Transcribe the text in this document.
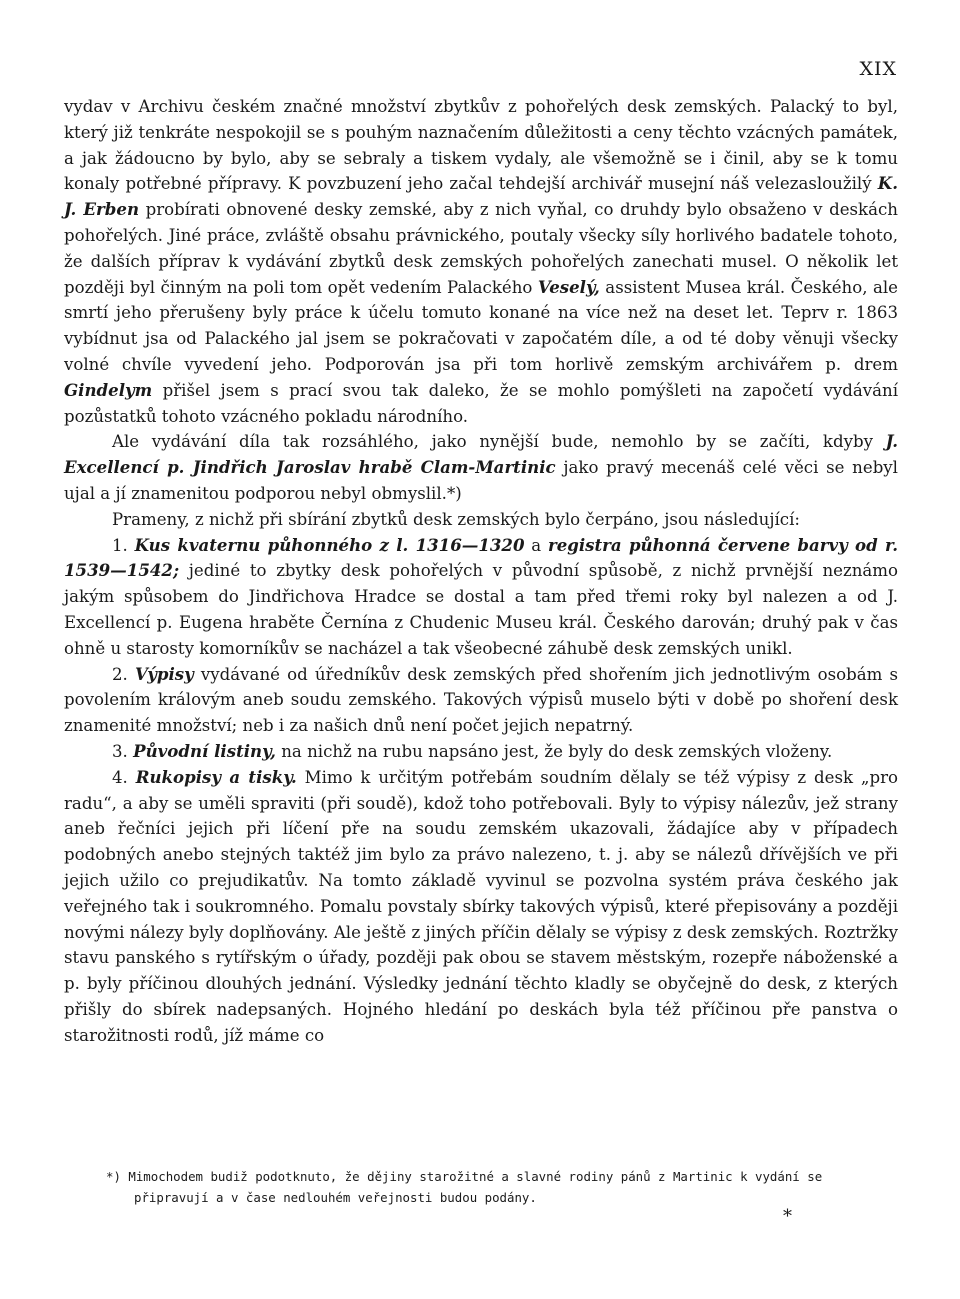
XIX

vydav v Archivu českém značné množství zbytkův z pohořelých desk zemských. Palacký to byl, který již tenkráte nespokojil se s pouhým naznačením důležitosti a ceny těchto vzácných památek, a jak žádoucno by bylo, aby se sebraly a tiskem vydaly, ale všemožně se i činil, aby se k tomu konaly potřebné přípravy. K povzbuzení jeho začal tehdejší archivář musejní náš velezasloužilý K. J. Erben probírati obnovené desky zemské, aby z nich vyňal, co druhdy bylo obsaženo v deskách pohořelých. Jiné práce, zvláště obsahu právnického, poutaly všecky síly horlivého badatele tohoto, že dalších příprav k vydávání zbytků desk zemských pohořelých zanechati musel. O několik let později byl činným na poli tom opět vedením Palackého Veselý, assistent Musea král. Českého, ale smrtí jeho přerušeny byly práce k účelu tomuto konané na více než na deset let. Teprv r. 1863 vybídnut jsa od Palackého jal jsem se pokračovati v započatém díle, a od té doby věnuji všecky volné chvíle vyvedení jeho. Podporován jsa při tom horlivě zemským archivářem p. drem Gindelym přišel jsem s prací svou tak daleko, že se mohlo pomýšleti na započetí vydávání pozůstatků tohoto vzácného pokladu národního.

Ale vydávání díla tak rozsáhlého, jako nynější bude, nemohlo by se začíti, kdyby J. Excellencí p. Jindřich Jaroslav hrabě Clam-Martinic jako pravý mecenáš celé věci se nebyl ujal a jí znamenitou podporou nebyl obmyslil.*)

Prameny, z nichž při sbírání zbytků desk zemských bylo čerpáno, jsou následující:

1. Kus kvaternu půhonného z l. 1316—1320 a registra půhonná červene barvy od r. 1539—1542; jediné to zbytky desk pohořelých v původní spůsobě, z nichž prvnější neznámo jakým spůsobem do Jindřichova Hradce se dostal a tam před třemi roky byl nalezen a od J. Excellencí p. Eugena hraběte Černína z Chudenic Museu král. Českého darován; druhý pak v čas ohně u starosty komorníkův se nacházel a tak všeobecné záhubě desk zemských unikl.

2. Výpisy vydávané od úředníkův desk zemských před shořením jich jednotlivým osobám s povolením královým aneb soudu zemského. Takových výpisů muselo býti v době po shoření desk znamenité množství; neb i za našich dnů není počet jejich nepatrný.

3. Původní listiny, na nichž na rubu napsáno jest, že byly do desk zemských vloženy.

4. Rukopisy a tisky. Mimo k určitým potřebám soudním dělaly se též výpisy z desk „pro radu“, a aby se uměli spraviti (při soudě), kdož toho potřebovali. Byly to výpisy nálezův, jež strany aneb řečníci jejich při líčení pře na soudu zemském ukazovali, žádajíce aby v případech podobných anebo stejných taktéž jim bylo za právo nalezeno, t. j. aby se nálezů dřívějších ve při jejich užilo co prejudikatův. Na tomto základě vyvinul se pozvolna systém práva českého jak veřejného tak i soukromného. Pomalu povstaly sbírky takových výpisů, které přepisovány a později novými nálezy byly doplňovány. Ale ještě z jiných příčin dělaly se výpisy z desk zemských. Roztržky stavu panského s rytířským o úřady, později pak obou se stavem městským, rozepře náboženské a p. byly příčinou dlouhých jednání. Výsledky jednání těchto kladly se obyčejně do desk, z kterých přišly do sbírek nadepsaných. Hojného hledání po deskách byla též příčinou pře panstva o starožitnosti rodů, jíž máme co

*) Mimochodem budiž podotknuto, že dějiny starožitné a slavné rodiny pánů z Martinic k vydání se
připravují a v čase nedlouhém veřejnosti budou podány.
*
